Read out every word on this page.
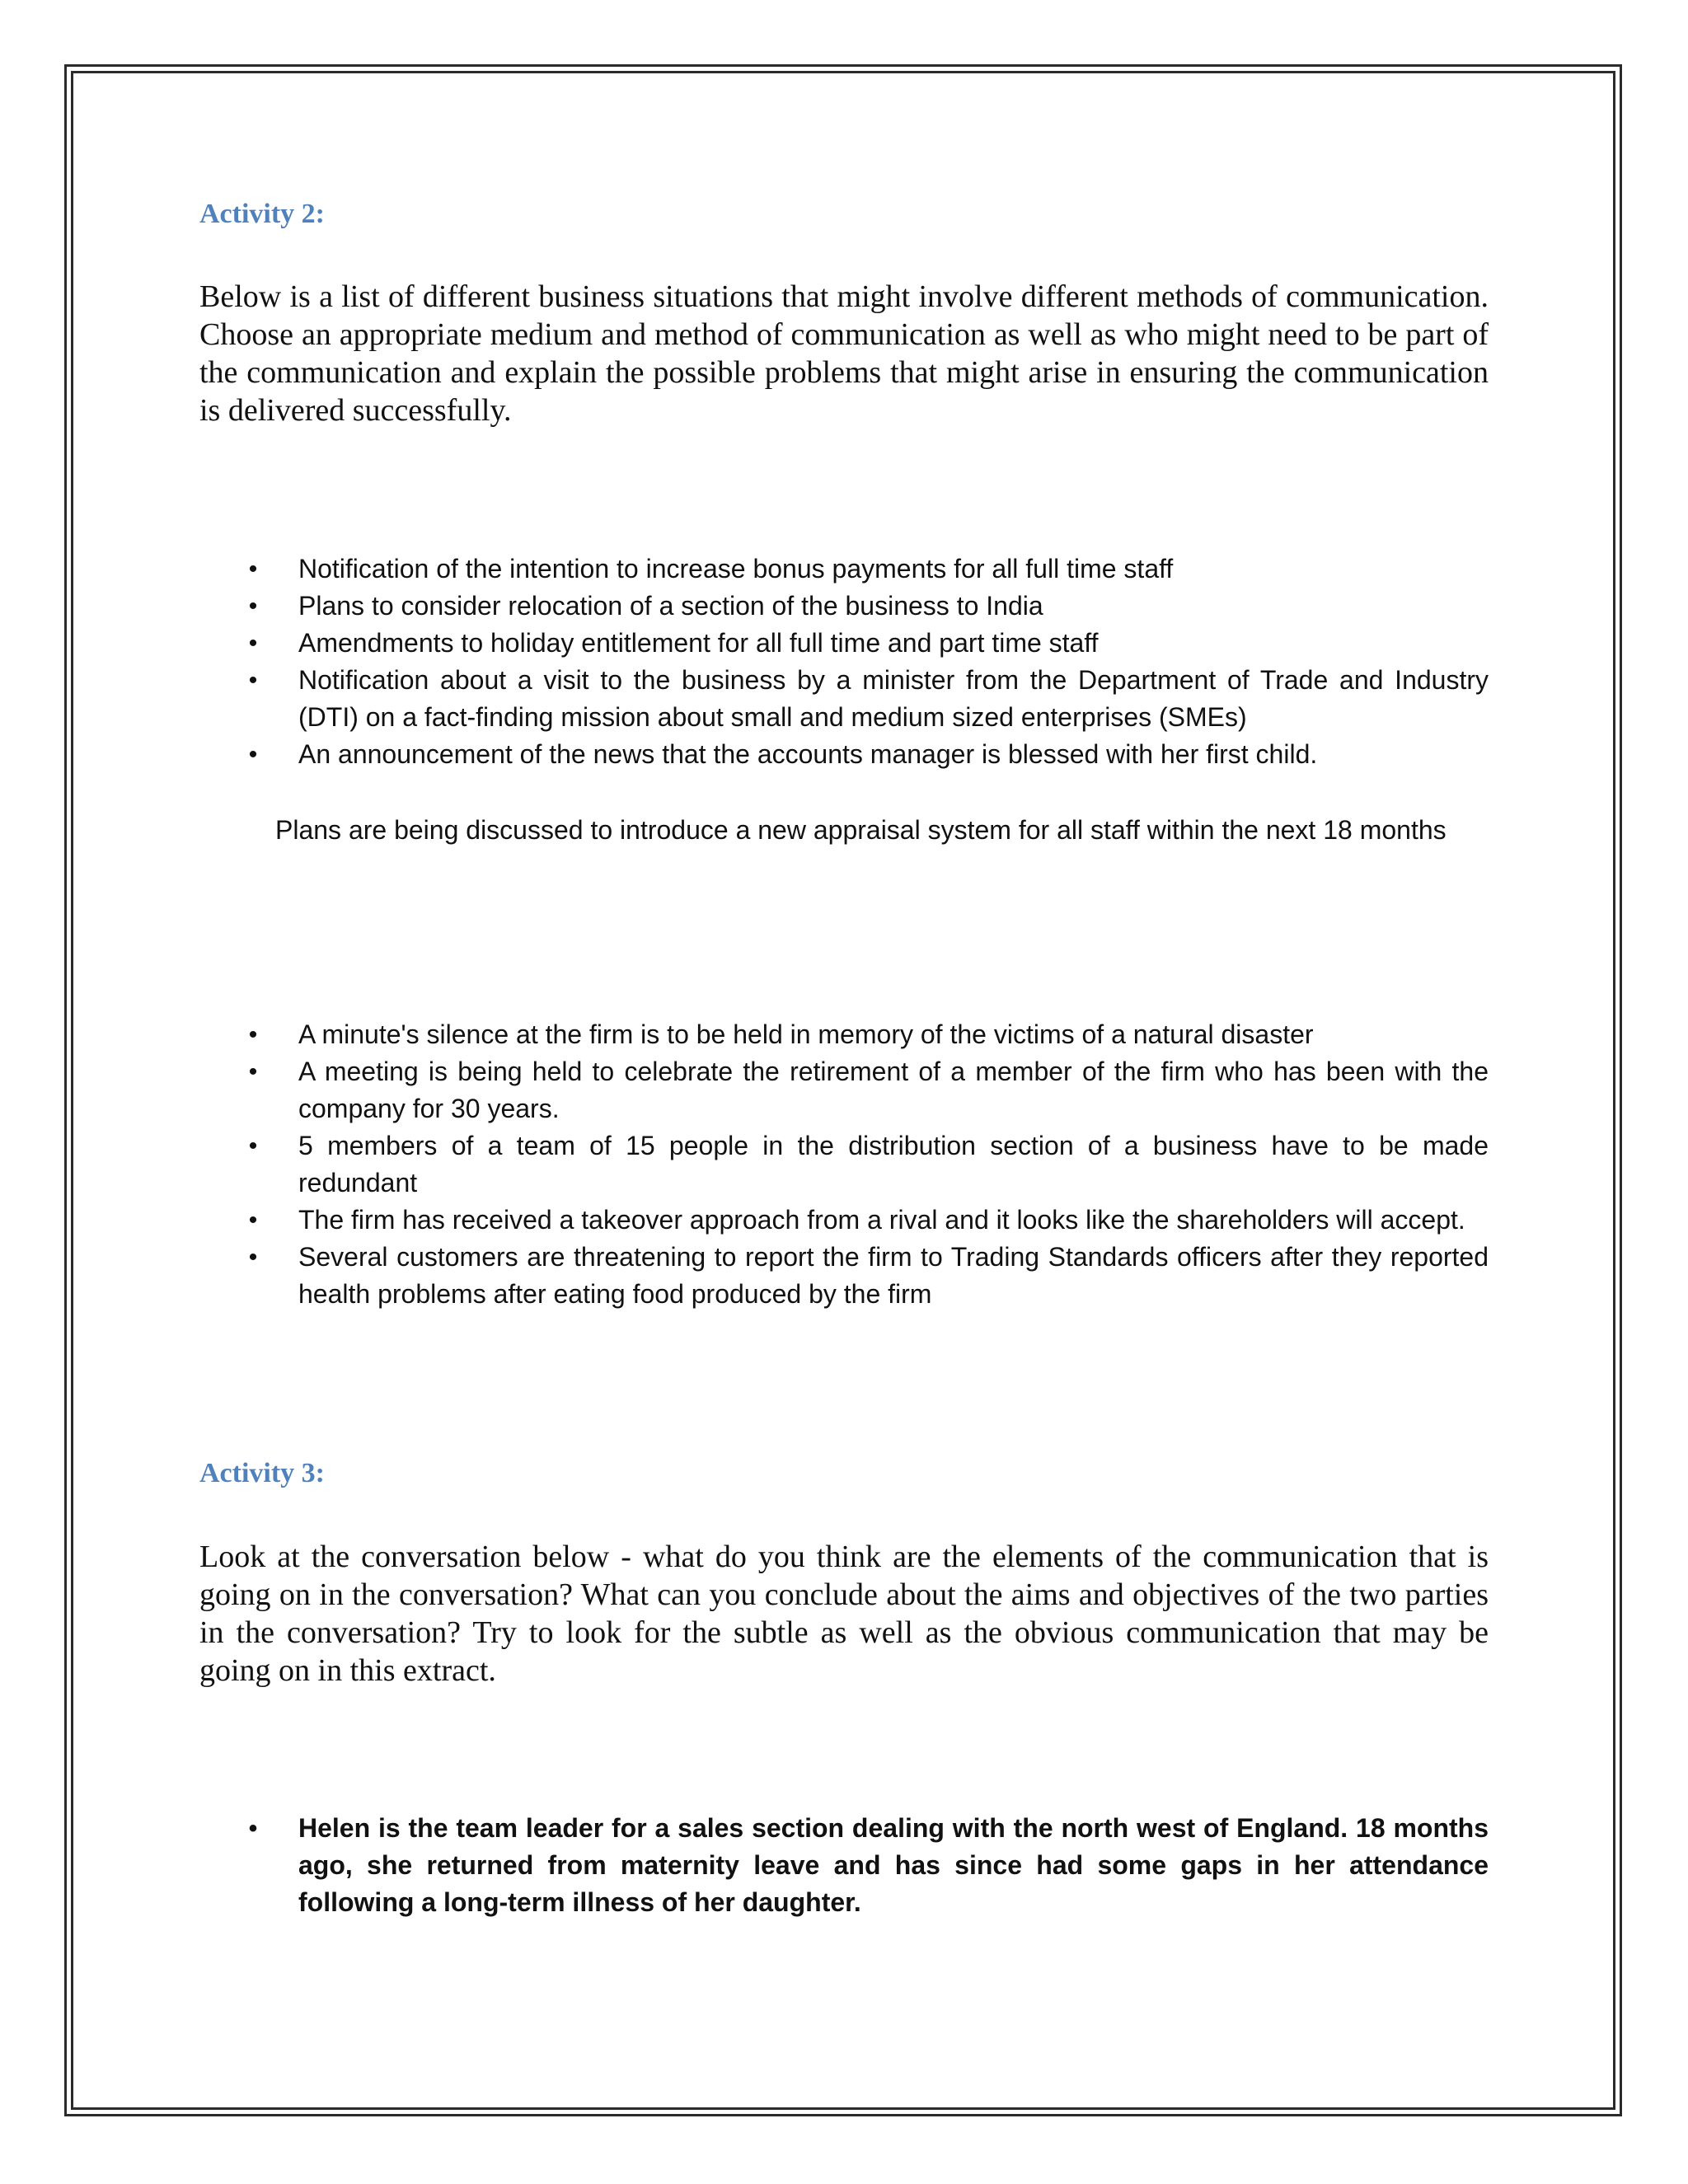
Activity 2:

Below is a list of different business situations that might involve different methods of communication. Choose an appropriate medium and method of communication as well as who might need to be part of the communication and explain the possible problems that might arise in ensuring the communication is delivered successfully.

• Notification of the intention to increase bonus payments for all full time staff
• Plans to consider relocation of a section of the business to India
• Amendments to holiday entitlement for all full time and part time staff
• Notification about a visit to the business by a minister from the Department of Trade and Industry (DTI) on a fact-finding mission about small and medium sized enterprises (SMEs)
• An announcement of the news that the accounts manager is blessed with her first child.

Plans are being discussed to introduce a new appraisal system for all staff within the next 18 months

• A minute's silence at the firm is to be held in memory of the victims of a natural disaster
• A meeting is being held to celebrate the retirement of a member of the firm who has been with the company for 30 years.
• 5 members of a team of 15 people in the distribution section of a business have to be made redundant
• The firm has received a takeover approach from a rival and it looks like the shareholders will accept.
• Several customers are threatening to report the firm to Trading Standards officers after they reported health problems after eating food produced by the firm
Activity 3:

Look at the conversation below - what do you think are the elements of the communication that is going on in the conversation? What can you conclude about the aims and objectives of the two parties in the conversation? Try to look for the subtle as well as the obvious communication that may be going on in this extract.

• Helen is the team leader for a sales section dealing with the north west of England. 18 months ago, she returned from maternity leave and has since had some gaps in her attendance following a long-term illness of her daughter.
